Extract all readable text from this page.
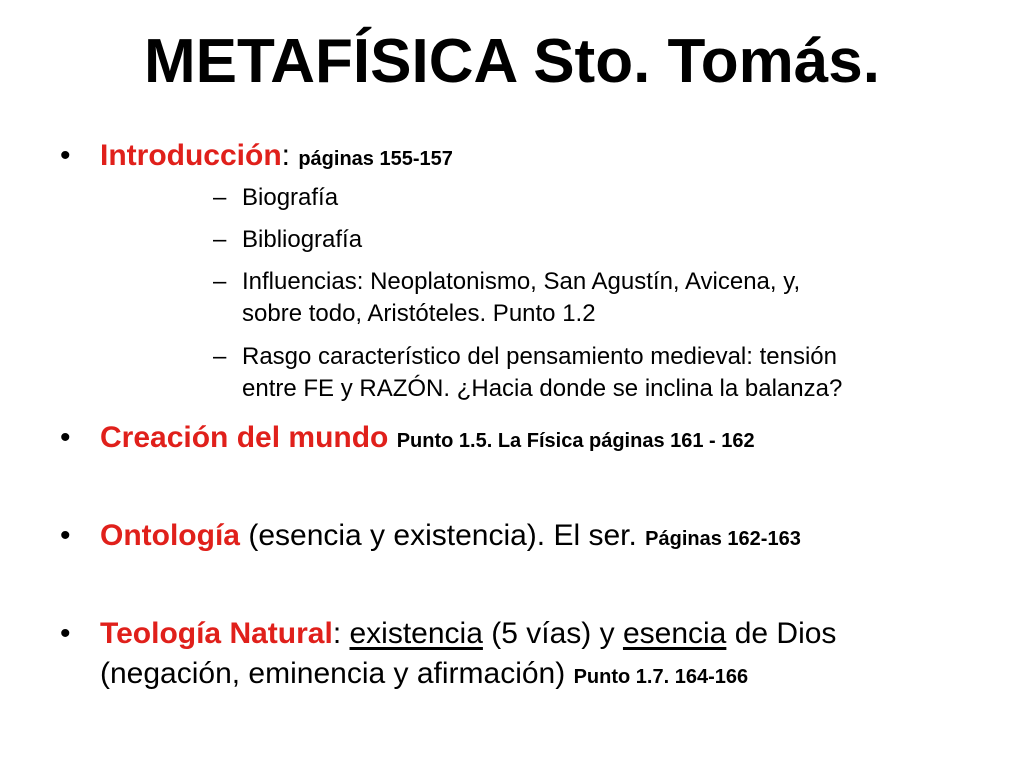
METAFÍSICA Sto. Tomás.
• Introducción: páginas 155-157

– Biografía

– Bibliografía

– Influencias: Neoplatonismo, San Agustín, Avicena, y,

sobre todo, Aristóteles. Punto 1.2

– Rasgo característico del pensamiento medieval: tensión

entre FE y RAZÓN. ¿Hacia donde se inclina la balanza?

• Creación del mundo Punto 1.5. La Física páginas 161 - 162

• Ontología (esencia y existencia). El ser. Páginas 162-163

• Teología Natural: existencia (5 vías) y esencia de Dios

(negación, eminencia y afirmación) Punto 1.7. 164-166
